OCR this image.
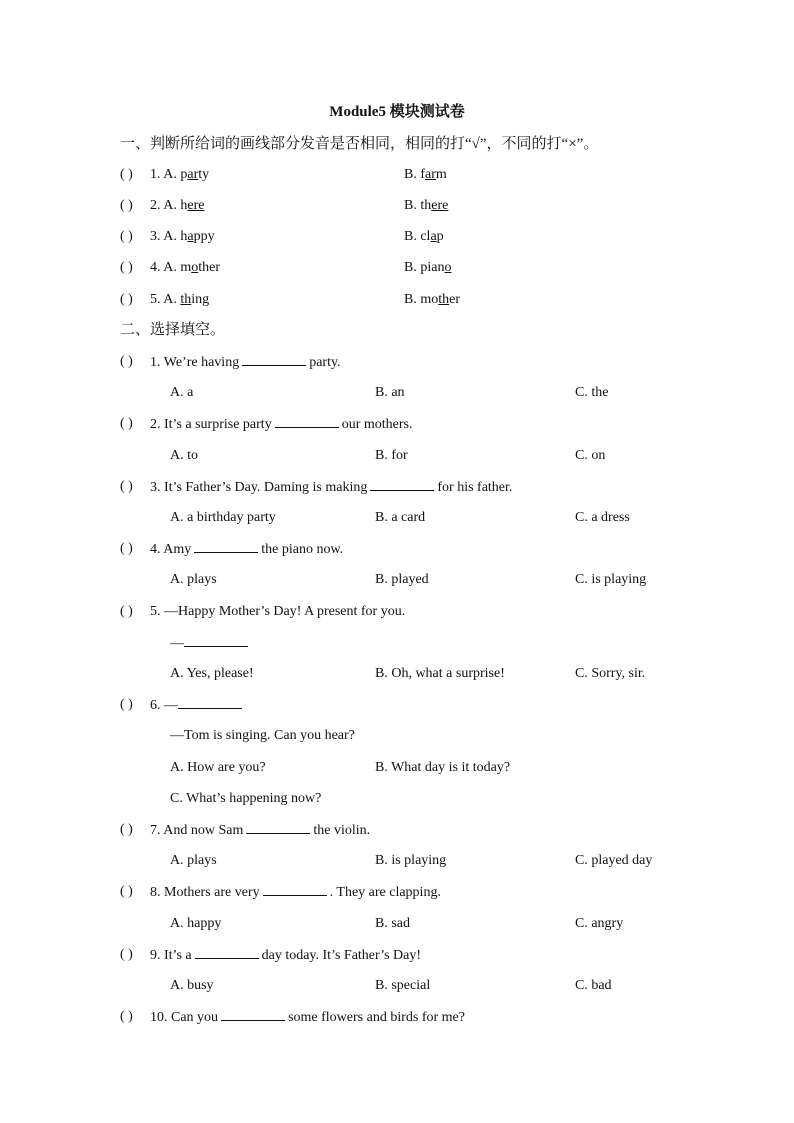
Module5 模块测试卷
一、判断所给词的画线部分发音是否相同，相同的打“√”，不同的打“×”。
( ) 1. A. party	B. farm
( ) 2. A. here	B. there
( ) 3. A. happy	B. clap
( ) 4. A. mother	B. piano
( ) 5. A. thing	B. mother
二、选择填空。
( ) 1. We’re having	party.
A. a	B. an	C. the
( ) 2. It’s a surprise party	our mothers.
A. to	B. for	C. on
( ) 3. It’s Father’s Day. Daming is making	for his father.
A. a birthday party	B. a card	C. a dress
( ) 4. Amy	the piano now.
A. plays	B. played	C. is playing
( ) 5. —Happy Mother’s Day! A present for you.
—
A. Yes, please!	B. Oh, what a surprise!	C. Sorry, sir.
( ) 6. —
—Tom is singing. Can you hear?
A. How are you?	B. What day is it today?
C. What’s happening now?
( ) 7. And now Sam	the violin.
A. plays	B. is playing	C. played day
( ) 8. Mothers are very	. They are clapping.
A. happy	B. sad	C. angry
( ) 9. It’s a	day today. It’s Father’s Day!
A. busy	B. special	C. bad
( ) 10. Can you	some flowers and birds for me?
